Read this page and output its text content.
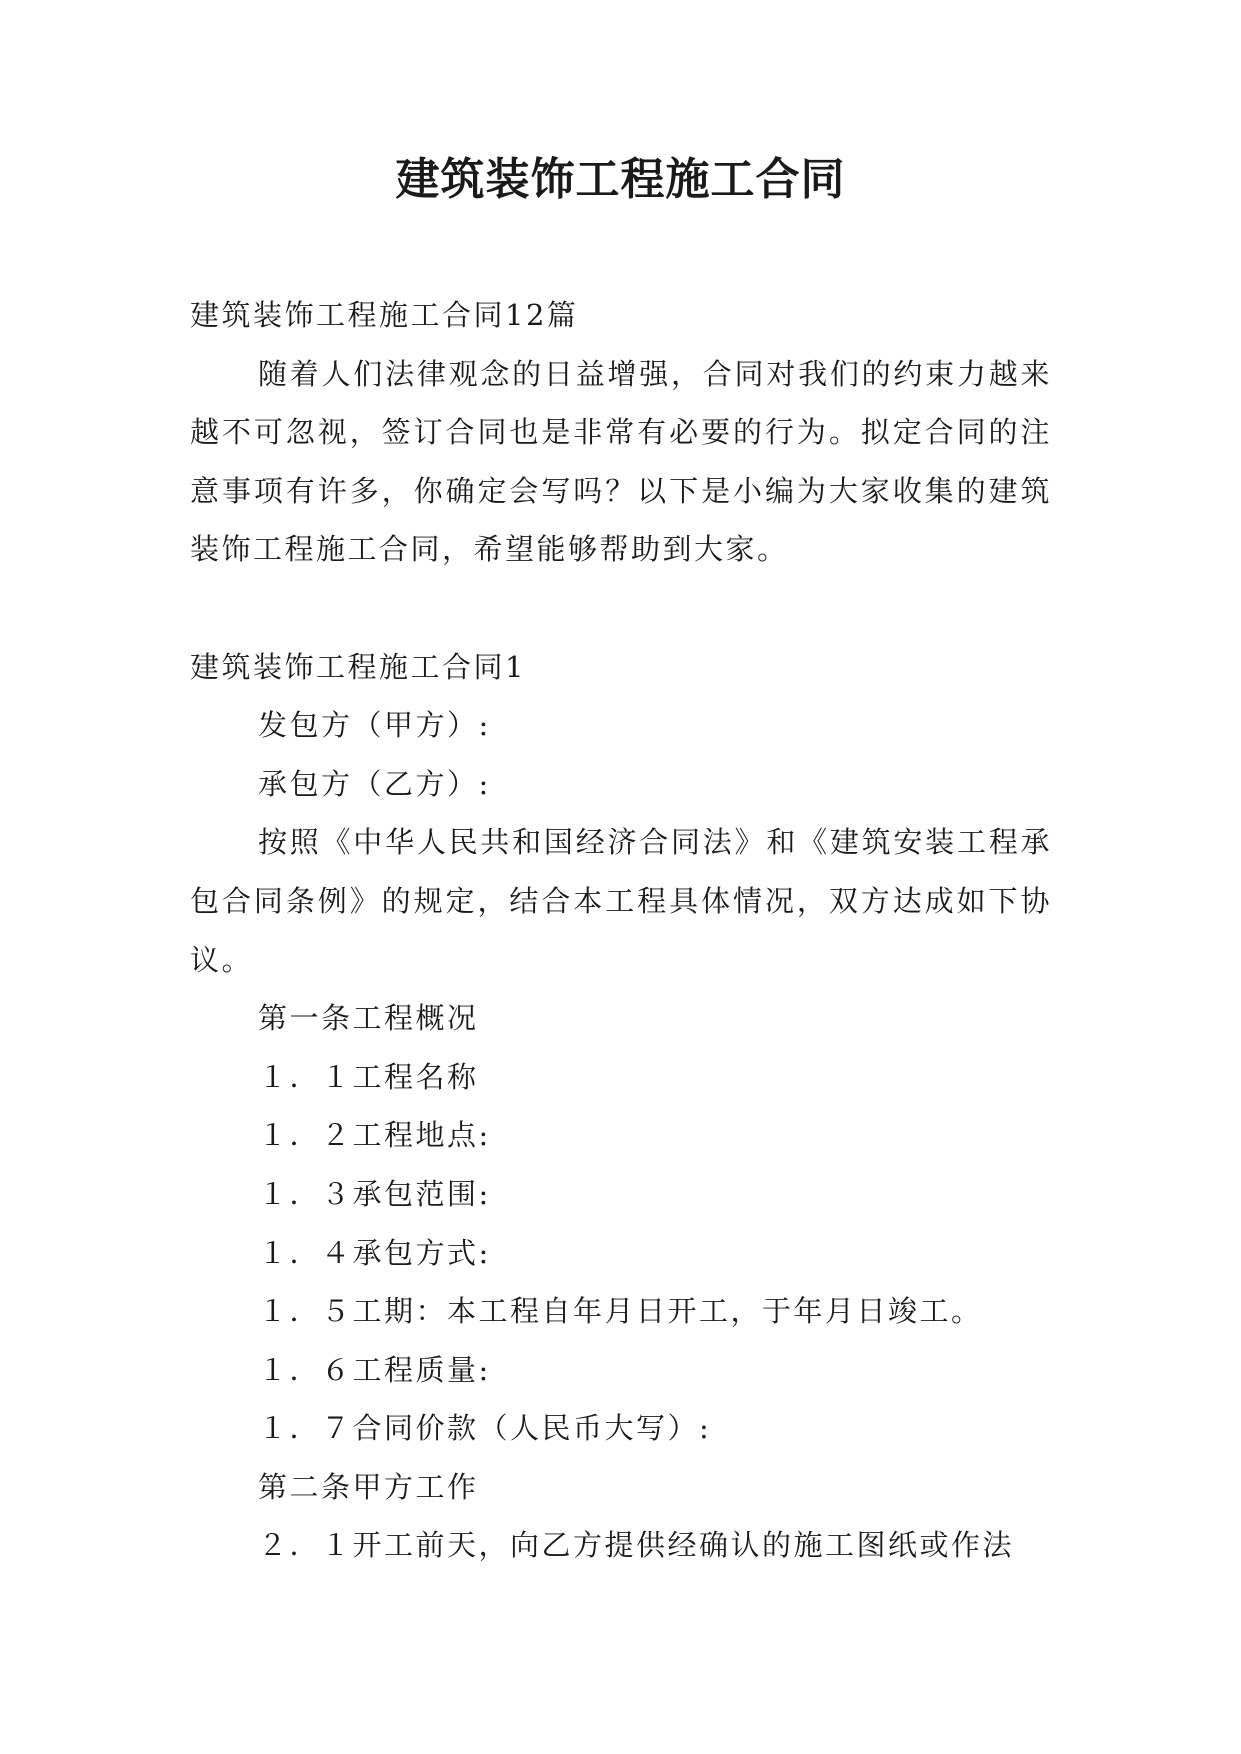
建筑装饰工程施工合同

建筑装饰工程施工合同12篇

随着人们法律观念的日益增强，合同对我们的约束力越来越不可忽视，签订合同也是非常有必要的行为。拟定合同的注意事项有许多，你确定会写吗？以下是小编为大家收集的建筑装饰工程施工合同，希望能够帮助到大家。

建筑装饰工程施工合同1

发包方（甲方）:

承包方（乙方）:

按照《中华人民共和国经济合同法》和《建筑安装工程承包合同条例》的规定，结合本工程具体情况，双方达成如下协议。

第一条工程概况

１．１工程名称

１．２工程地点:

１．３承包范围:

１．４承包方式:

１．５工期：本工程自年月日开工，于年月日竣工。

１．６工程质量:

１．７合同价款（人民币大写）:

第二条甲方工作

２．１开工前天，向乙方提供经确认的施工图纸或作法
